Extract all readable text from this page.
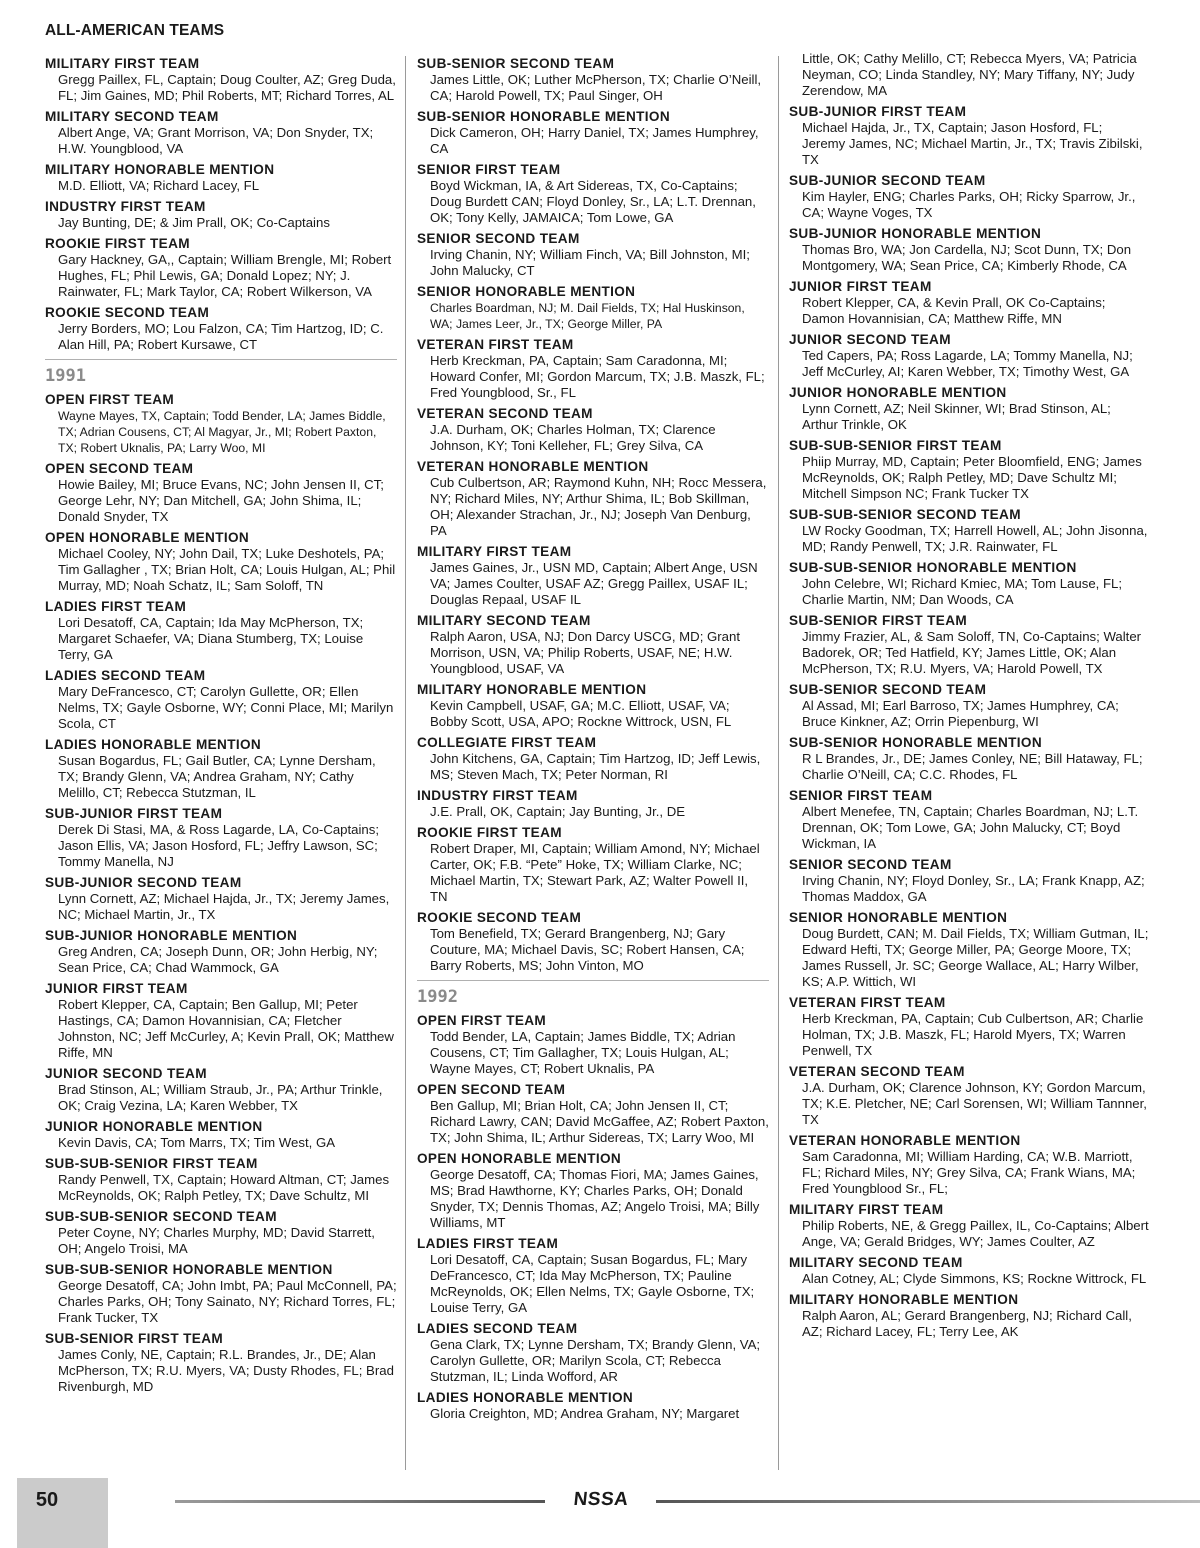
ALL-AMERICAN TEAMS
MILITARY FIRST TEAM
Gregg Paillex, FL, Captain; Doug Coulter, AZ; Greg Duda, FL; Jim Gaines, MD; Phil Roberts, MT; Richard Torres, AL
MILITARY SECOND TEAM
Albert Ange, VA; Grant Morrison, VA; Don Snyder, TX; H.W. Youngblood, VA
MILITARY HONORABLE MENTION
M.D. Elliott, VA; Richard Lacey, FL
INDUSTRY FIRST TEAM
Jay Bunting, DE; & Jim Prall, OK; Co-Captains
ROOKIE FIRST TEAM
Gary Hackney, GA,, Captain; William Brengle, MI; Robert Hughes, FL; Phil Lewis, GA; Donald Lopez; NY; J. Rainwater, FL; Mark Taylor, CA; Robert Wilkerson, VA
ROOKIE SECOND TEAM
Jerry Borders, MO; Lou Falzon, CA; Tim Hartzog, ID; C. Alan Hill, PA; Robert Kursawe, CT
1991
OPEN FIRST TEAM
Wayne Mayes, TX, Captain; Todd Bender, LA; James Biddle, TX; Adrian Cousens, CT; Al Magyar, Jr., MI; Robert Paxton, TX; Robert Uknalis, PA; Larry Woo, MI
OPEN SECOND TEAM
Howie Bailey, MI; Bruce Evans, NC; John Jensen II, CT; George Lehr, NY; Dan Mitchell, GA; John Shima, IL; Donald Snyder, TX
OPEN HONORABLE MENTION
Michael Cooley, NY; John Dail, TX; Luke Deshotels, PA; Tim Gallagher , TX; Brian Holt, CA; Louis Hulgan, AL; Phil Murray, MD; Noah Schatz, IL; Sam Soloff, TN
LADIES FIRST TEAM
Lori Desatoff, CA, Captain; Ida May McPherson, TX; Margaret Schaefer, VA; Diana Stumberg, TX; Louise Terry, GA
LADIES SECOND TEAM
Mary DeFrancesco, CT; Carolyn Gullette, OR; Ellen Nelms, TX; Gayle Osborne, WY; Conni Place, MI; Marilyn Scola, CT
LADIES HONORABLE MENTION
Susan Bogardus, FL; Gail Butler, CA; Lynne Dersham, TX; Brandy Glenn, VA; Andrea Graham, NY; Cathy Melillo, CT; Rebecca Stutzman, IL
SUB-JUNIOR FIRST TEAM
Derek Di Stasi, MA, & Ross Lagarde, LA, Co-Captains; Jason Ellis, VA; Jason Hosford, FL; Jeffry Lawson, SC; Tommy Manella, NJ
SUB-JUNIOR SECOND TEAM
Lynn Cornett, AZ; Michael Hajda, Jr., TX; Jeremy James, NC; Michael Martin, Jr., TX
SUB-JUNIOR HONORABLE MENTION
Greg Andren, CA; Joseph Dunn, OR; John Herbig, NY; Sean Price, CA; Chad Wammock, GA
JUNIOR FIRST TEAM
Robert Klepper, CA, Captain; Ben Gallup, MI; Peter Hastings, CA; Damon Hovannisian, CA; Fletcher Johnston, NC; Jeff McCurley, A; Kevin Prall, OK; Matthew Riffe, MN
JUNIOR SECOND TEAM
Brad Stinson, AL; William Straub, Jr., PA; Arthur Trinkle, OK; Craig Vezina, LA; Karen Webber, TX
JUNIOR HONORABLE MENTION
Kevin Davis, CA; Tom Marrs, TX; Tim West, GA
SUB-SUB-SENIOR FIRST TEAM
Randy Penwell, TX, Captain; Howard Altman, CT; James McReynolds, OK; Ralph Petley, TX; Dave Schultz, MI
SUB-SUB-SENIOR SECOND TEAM
Peter Coyne, NY; Charles Murphy, MD; David Starrett, OH; Angelo Troisi, MA
SUB-SUB-SENIOR HONORABLE MENTION
George Desatoff, CA; John Imbt, PA; Paul McConnell, PA; Charles Parks, OH; Tony Sainato, NY; Richard Torres, FL; Frank Tucker, TX
SUB-SENIOR FIRST TEAM
James Conly, NE, Captain; R.L. Brandes, Jr., DE; Alan McPherson, TX; R.U. Myers, VA; Dusty Rhodes, FL; Brad Rivenburgh, MD
SUB-SENIOR SECOND TEAM
James Little, OK; Luther McPherson, TX; Charlie O’Neill, CA; Harold Powell, TX; Paul Singer, OH
SUB-SENIOR HONORABLE MENTION
Dick Cameron, OH; Harry Daniel, TX; James Humphrey, CA
SENIOR FIRST TEAM
Boyd Wickman, IA, & Art Sidereas, TX, Co-Captains; Doug Burdett CAN; Floyd Donley, Sr., LA; L.T. Drennan, OK; Tony Kelly, JAMAICA; Tom Lowe, GA
SENIOR SECOND TEAM
Irving Chanin, NY; William Finch, VA; Bill Johnston, MI; John Malucky, CT
SENIOR HONORABLE MENTION
Charles Boardman, NJ; M. Dail Fields, TX; Hal Huskinson, WA; James Leer, Jr., TX; George Miller, PA
VETERAN FIRST TEAM
Herb Kreckman, PA, Captain; Sam Caradonna, MI; Howard Confer, MI; Gordon Marcum, TX; J.B. Maszk, FL; Fred Youngblood, Sr., FL
VETERAN SECOND TEAM
J.A. Durham, OK; Charles Holman, TX; Clarence Johnson, KY; Toni Kelleher, FL; Grey Silva, CA
VETERAN HONORABLE MENTION
Cub Culbertson, AR; Raymond Kuhn, NH; Rocc Messera, NY; Richard Miles, NY; Arthur Shima, IL; Bob Skillman, OH; Alexander Strachan, Jr., NJ; Joseph Van Denburg, PA
MILITARY FIRST TEAM
James Gaines, Jr., USN MD, Captain; Albert Ange, USN VA; James Coulter, USAF AZ; Gregg Paillex, USAF IL; Douglas Repaal, USAF IL
MILITARY SECOND TEAM
Ralph Aaron, USA, NJ; Don Darcy USCG, MD; Grant Morrison, USN, VA; Philip Roberts, USAF, NE; H.W. Youngblood, USAF, VA
MILITARY HONORABLE MENTION
Kevin Campbell, USAF, GA; M.C. Elliott, USAF, VA; Bobby Scott, USA, APO; Rockne Wittrock, USN, FL
COLLEGIATE FIRST TEAM
John Kitchens, GA, Captain; Tim Hartzog, ID; Jeff Lewis, MS; Steven Mach, TX; Peter Norman, RI
INDUSTRY FIRST TEAM
J.E. Prall, OK, Captain; Jay Bunting, Jr., DE
ROOKIE FIRST TEAM
Robert Draper, MI, Captain; William Amond, NY; Michael Carter, OK; F.B. “Pete” Hoke, TX; William Clarke, NC; Michael Martin, TX; Stewart Park, AZ; Walter Powell II, TN
ROOKIE SECOND TEAM
Tom Benefield, TX; Gerard Brangenberg, NJ; Gary Couture, MA; Michael Davis, SC; Robert Hansen, CA; Barry Roberts, MS; John Vinton, MO
1992
OPEN FIRST TEAM
Todd Bender, LA, Captain; James Biddle, TX; Adrian Cousens, CT; Tim Gallagher, TX; Louis Hulgan, AL; Wayne Mayes, CT; Robert Uknalis, PA
OPEN SECOND TEAM
Ben Gallup, MI; Brian Holt, CA; John Jensen II, CT; Richard Lawry, CAN; David McGaffee, AZ; Robert Paxton, TX; John Shima, IL; Arthur Sidereas, TX; Larry Woo, MI
OPEN HONORABLE MENTION
George Desatoff, CA; Thomas Fiori, MA; James Gaines, MS; Brad Hawthorne, KY; Charles Parks, OH; Donald Snyder, TX; Dennis Thomas, AZ; Angelo Troisi, MA; Billy Williams, MT
LADIES FIRST TEAM
Lori Desatoff, CA, Captain; Susan Bogardus, FL; Mary DeFrancesco, CT; Ida May McPherson, TX; Pauline McReynolds, OK; Ellen Nelms, TX; Gayle Osborne, TX; Louise Terry, GA
LADIES SECOND TEAM
Gena Clark, TX; Lynne Dersham, TX; Brandy Glenn, VA; Carolyn Gullette, OR; Marilyn Scola, CT; Rebecca Stutzman, IL; Linda Wofford, AR
LADIES HONORABLE MENTION
Gloria Creighton, MD; Andrea Graham, NY; Margaret
Little, OK; Cathy Melillo, CT; Rebecca Myers, VA; Patricia Neyman, CO; Linda Standley, NY; Mary Tiffany, NY; Judy Zerendow, MA
SUB-JUNIOR FIRST TEAM
Michael Hajda, Jr., TX, Captain; Jason Hosford, FL; Jeremy James, NC; Michael Martin, Jr., TX; Travis Zibilski, TX
SUB-JUNIOR SECOND TEAM
Kim Hayler, ENG; Charles Parks, OH; Ricky Sparrow, Jr., CA; Wayne Voges, TX
SUB-JUNIOR HONORABLE MENTION
Thomas Bro, WA; Jon Cardella, NJ; Scot Dunn, TX; Don Montgomery, WA; Sean Price, CA; Kimberly Rhode, CA
JUNIOR FIRST TEAM
Robert Klepper, CA, & Kevin Prall, OK Co-Captains; Damon Hovannisian, CA; Matthew Riffe, MN
JUNIOR SECOND TEAM
Ted Capers, PA; Ross Lagarde, LA; Tommy Manella, NJ; Jeff McCurley, AI; Karen Webber, TX; Timothy West, GA
JUNIOR HONORABLE MENTION
Lynn Cornett, AZ; Neil Skinner, WI; Brad Stinson, AL; Arthur Trinkle, OK
SUB-SUB-SENIOR FIRST TEAM
Phiip Murray, MD, Captain; Peter Bloomfield, ENG; James McReynolds, OK; Ralph Petley, MD; Dave Schultz MI; Mitchell Simpson NC; Frank Tucker TX
SUB-SUB-SENIOR SECOND TEAM
LW Rocky Goodman, TX; Harrell Howell, AL; John Jisonna, MD; Randy Penwell, TX; J.R. Rainwater, FL
SUB-SUB-SENIOR HONORABLE MENTION
John Celebre, WI; Richard Kmiec, MA; Tom Lause, FL; Charlie Martin, NM; Dan Woods, CA
SUB-SENIOR FIRST TEAM
Jimmy Frazier, AL, & Sam Soloff, TN, Co-Captains; Walter Badorek, OR; Ted Hatfield, KY; James Little, OK; Alan McPherson, TX; R.U. Myers, VA; Harold Powell, TX
SUB-SENIOR SECOND TEAM
Al Assad, MI; Earl Barroso, TX; James Humphrey, CA; Bruce Kinkner, AZ; Orrin Piepenburg, WI
SUB-SENIOR HONORABLE MENTION
R L Brandes, Jr., DE; James Conley, NE; Bill Hataway, FL; Charlie O’Neill, CA; C.C. Rhodes, FL
SENIOR FIRST TEAM
Albert Menefee, TN, Captain; Charles Boardman, NJ; L.T. Drennan, OK; Tom Lowe, GA; John Malucky, CT; Boyd Wickman, IA
SENIOR SECOND TEAM
Irving Chanin, NY; Floyd Donley, Sr., LA; Frank Knapp, AZ; Thomas Maddox, GA
SENIOR HONORABLE MENTION
Doug Burdett, CAN; M. Dail Fields, TX; William Gutman, IL; Edward Hefti, TX; George Miller, PA; George Moore, TX; James Russell, Jr. SC; George Wallace, AL; Harry Wilber, KS; A.P. Wittich, WI
VETERAN FIRST TEAM
Herb Kreckman, PA, Captain; Cub Culbertson, AR; Charlie Holman, TX; J.B. Maszk, FL; Harold Myers, TX; Warren Penwell, TX
VETERAN SECOND TEAM
J.A. Durham, OK; Clarence Johnson, KY; Gordon Marcum, TX; K.E. Pletcher, NE; Carl Sorensen, WI; William Tannner, TX
VETERAN HONORABLE MENTION
Sam Caradonna, MI; William Harding, CA; W.B. Marriott, FL; Richard Miles, NY; Grey Silva, CA; Frank Wians, MA; Fred Youngblood Sr., FL;
MILITARY FIRST TEAM
Philip Roberts, NE, & Gregg Paillex, IL, Co-Captains; Albert Ange, VA; Gerald Bridges, WY; James Coulter, AZ
MILITARY SECOND TEAM
Alan Cotney, AL; Clyde Simmons, KS; Rockne Wittrock, FL
MILITARY HONORABLE MENTION
Ralph Aaron, AL; Gerard Brangenberg, NJ; Richard Call, AZ; Richard Lacey, FL; Terry Lee, AK
50	NSSA
